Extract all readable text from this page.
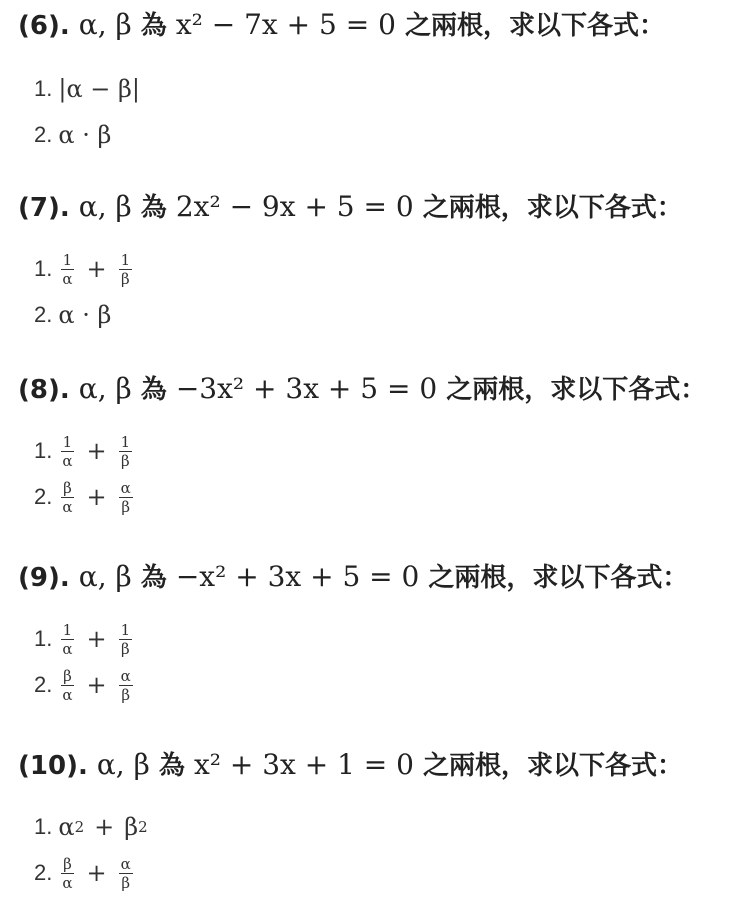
(6). α, β 為 x² − 7x + 5 = 0 之兩根，求以下各式：
1. |α − β|
2. α · β
(7). α, β 為 2x² − 9x + 5 = 0 之兩根，求以下各式：
1. $\frac{1}{\alpha} + \frac{1}{\beta}$
2. α · β
(8). α, β 為 −3x² + 3x + 5 = 0 之兩根，求以下各式：
1. $\frac{1}{\alpha} + \frac{1}{\beta}$
2. $\frac{\beta}{\alpha} + \frac{\alpha}{\beta}$
(9). α, β 為 −x² + 3x + 5 = 0 之兩根，求以下各式：
1. $\frac{1}{\alpha} + \frac{1}{\beta}$
2. $\frac{\beta}{\alpha} + \frac{\alpha}{\beta}$
(10). α, β 為 x² + 3x + 1 = 0 之兩根，求以下各式：
1. α 2 + β 2
2. $\frac{\beta}{\alpha} + \frac{\alpha}{\beta}$
